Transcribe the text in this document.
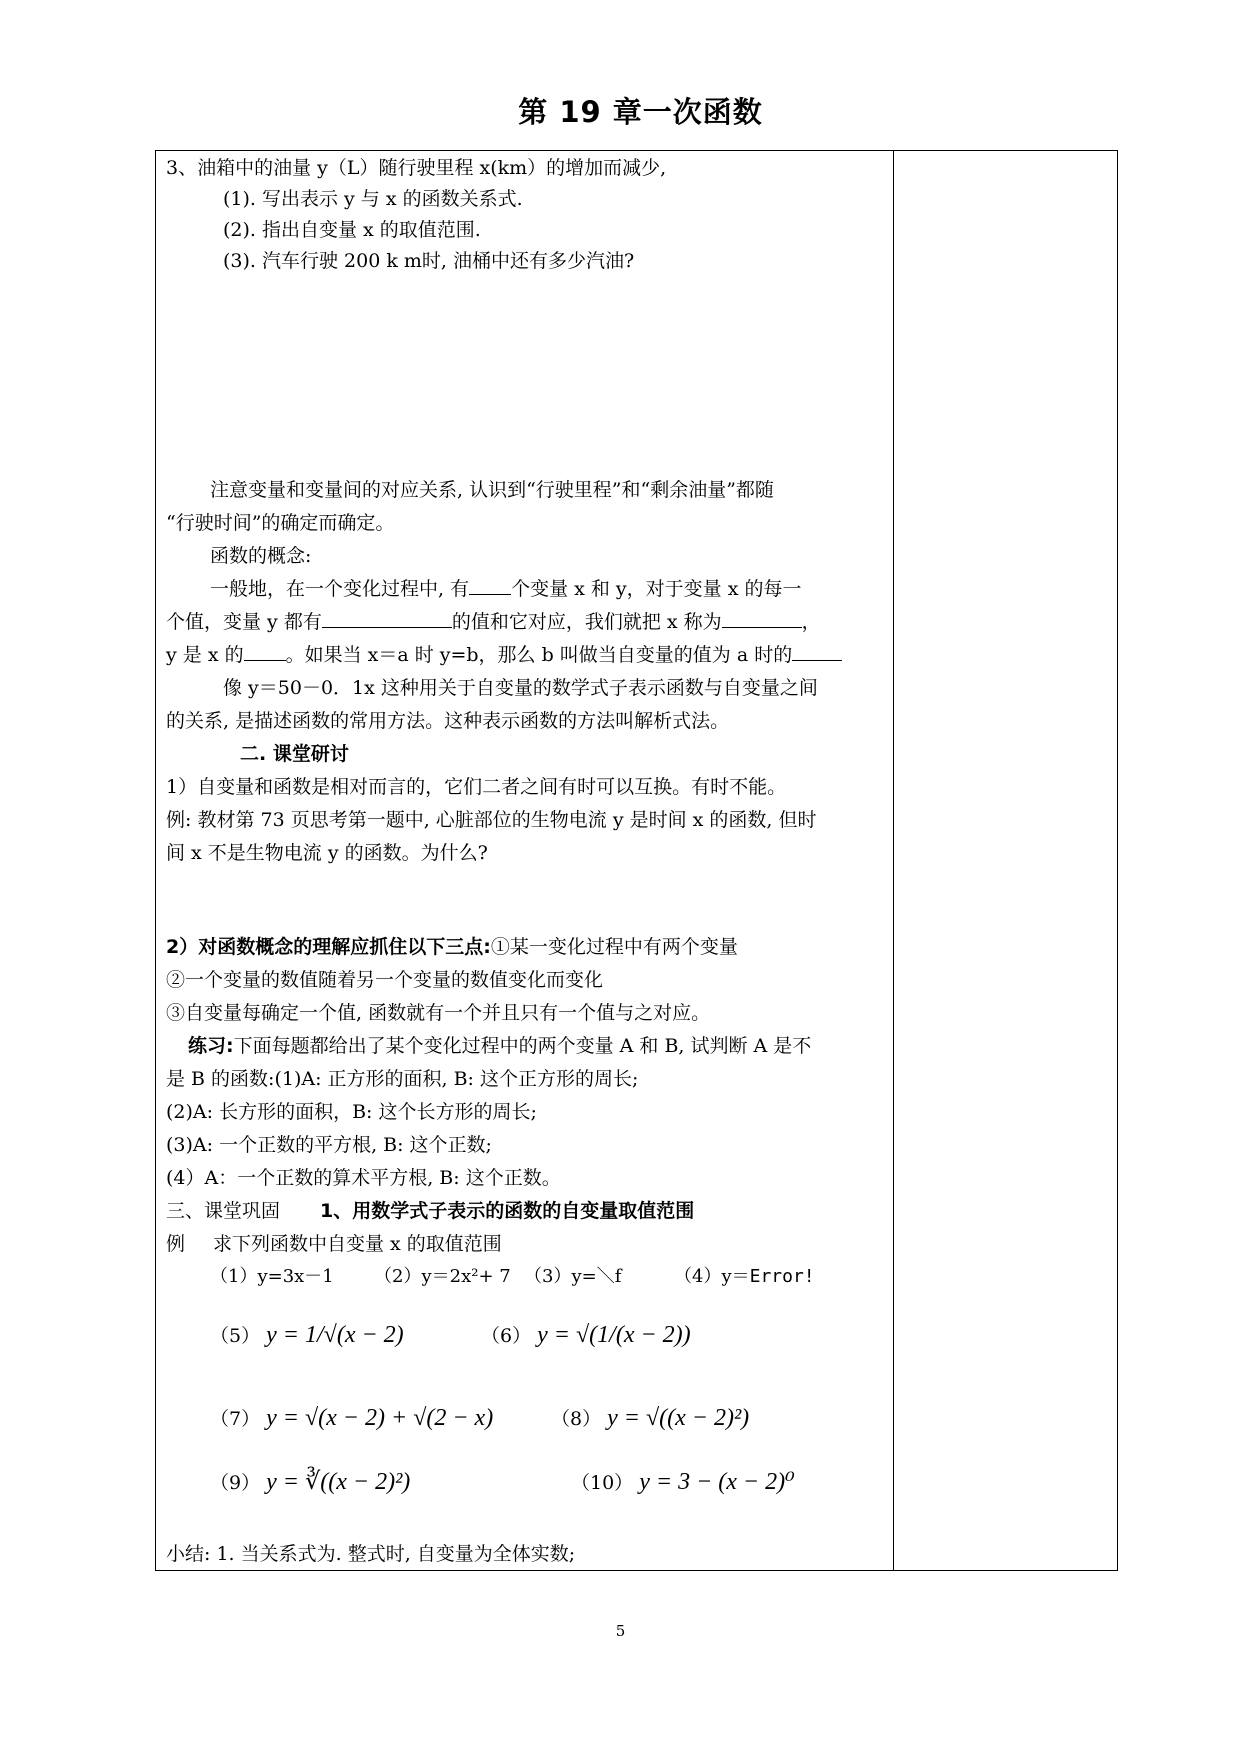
第 19 章一次函数
3、油箱中的油量 y（L）随行驶里程 x(km）的增加而减少,
(1). 写出表示 y 与 x 的函数关系式.
(2). 指出自变量 x 的取值范围.
(3). 汽车行驶 200 k m时, 油桶中还有多少汽油?
注意变量和变量间的对应关系, 认识到“行驶里程”和“剩余油量”都随
“行驶时间”的确定而确定。
函数的概念:
一般地，在一个变化过程中, 有 个变量 x 和 y，对于变量 x 的每一
个值，变量 y 都有	的值和它对应，我们就把 x 称为	，
y 是 x 的 。如果当 x＝a 时 y=b，那么 b 叫做当自变量的值为 a 时的
像 y＝50－0．1x 这种用关于自变量的数学式子表示函数与自变量之间
的关系, 是描述函数的常用方法。这种表示函数的方法叫解析式法。
二. 课堂研讨
1）自变量和函数是相对而言的，它们二者之间有时可以互换。有时不能。
例: 教材第 73 页思考第一题中, 心脏部位的生物电流 y 是时间 x 的函数, 但时
间 x 不是生物电流 y 的函数。为什么?
2）对函数概念的理解应抓住以下三点:①某一变化过程中有两个变量
②一个变量的数值随着另一个变量的数值变化而变化
③自变量每确定一个值, 函数就有一个并且只有一个值与之对应。
练习:下面每题都给出了某个变化过程中的两个变量 A 和 B, 试判断 A 是不
是 B 的函数:(1)A: 正方形的面积, B: 这个正方形的周长;
(2)A: 长方形的面积，B: 这个长方形的周长;
(3)A: 一个正数的平方根, B: 这个正数;
(4）A：一个正数的算术平方根, B: 这个正数。
三、课堂巩固 1、用数学式子表示的函数的自变量取值范围
例 求下列函数中自变量 x 的取值范围
（1）y=3x－1 （2）y＝2x²+ 7 （3）y=＼f	（4）y＝Error!
（5） y = 1/√(x − 2)	（6） y = √(1/(x − 2))
（7） y = √(x − 2) + √(2 − x)	（8） y = √((x − 2)²)
（9） y = ∛((x − 2)²)	（10） y = 3 − (x − 2)⁰
小结: 1. 当关系式为. 整式时, 自变量为全体实数;
5
